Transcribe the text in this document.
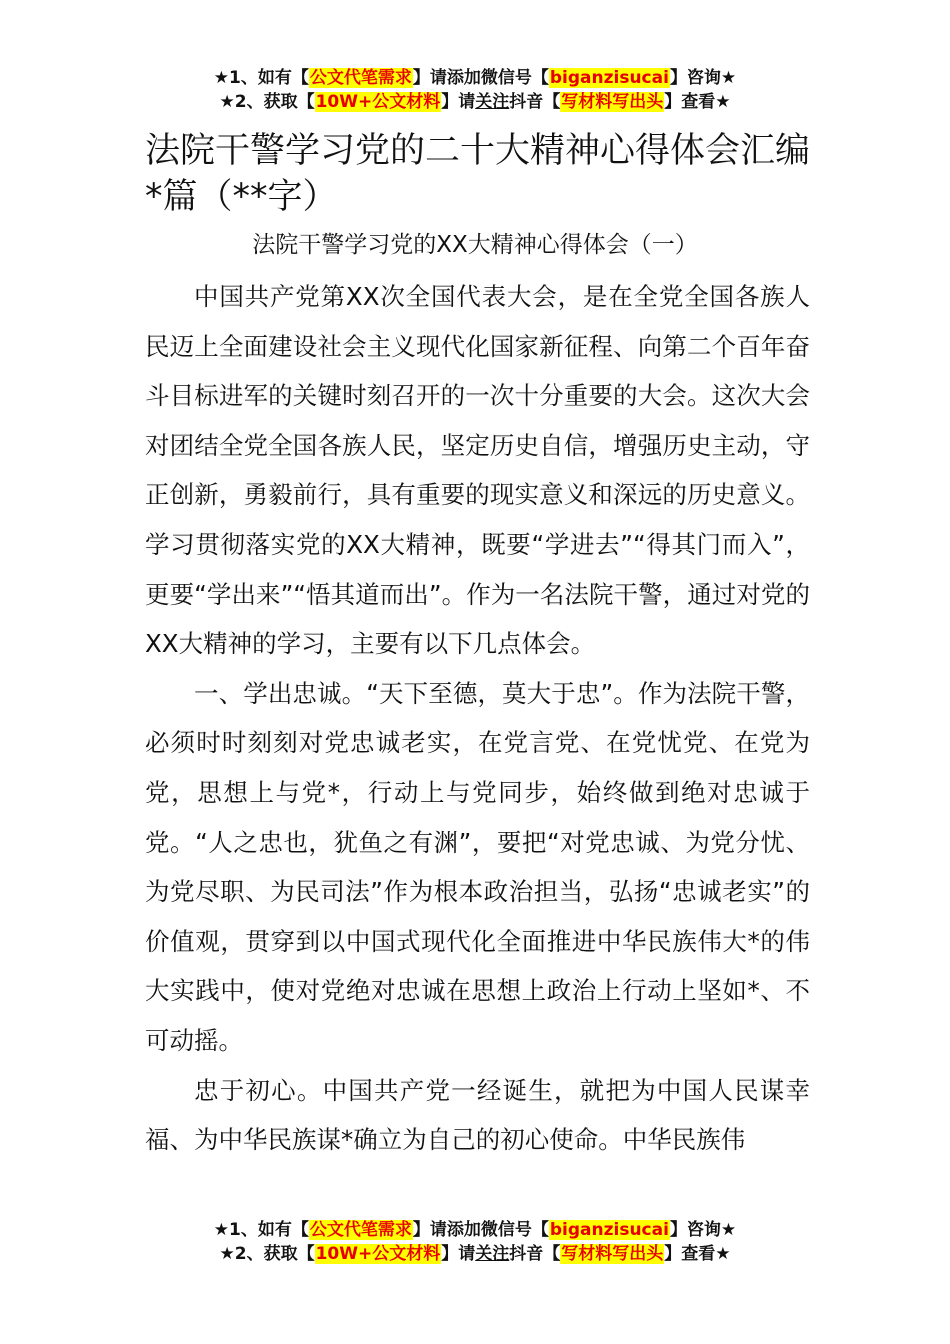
★1、如有【公文代笔需求】请添加微信号【biganzisucai】咨询★
★2、获取【10W+公文材料】请关注抖音【写材料写出头】查看★
法院干警学习党的二十大精神心得体会汇编*篇（**字）
法院干警学习党的XX大精神心得体会（一）

中国共产党第XX次全国代表大会，是在全党全国各族人民迈上全面建设社会主义现代化国家新征程、向第二个百年奋斗目标进军的关键时刻召开的一次十分重要的大会。这次大会对团结全党全国各族人民，坚定历史自信，增强历史主动，守正创新，勇毅前行，具有重要的现实意义和深远的历史意义。学习贯彻落实党的XX大精神，既要“学进去”“得其门而入”，更要“学出来”“悟其道而出”。作为一名法院干警，通过对党的XX大精神的学习，主要有以下几点体会。

一、学出忠诚。“天下至德，莫大于忠”。作为法院干警，必须时时刻刻对党忠诚老实，在党言党、在党忧党、在党为党，思想上与党*，行动上与党同步，始终做到绝对忠诚于党。“人之忠也，犹鱼之有渊”，要把“对党忠诚、为党分忧、为党尽职、为民司法”作为根本政治担当，弘扬“忠诚老实”的价值观，贯穿到以中国式现代化全面推进中华民族伟大*的伟大实践中，使对党绝对忠诚在思想上政治上行动上坚如*、不可动摇。

忠于初心。中国共产党一经诞生，就把为中国人民谋幸福、为中华民族谋*确立为自己的初心使命。中华民族伟

★1、如有【公文代笔需求】请添加微信号【biganzisucai】咨询★
★2、获取【10W+公文材料】请关注抖音【写材料写出头】查看★
